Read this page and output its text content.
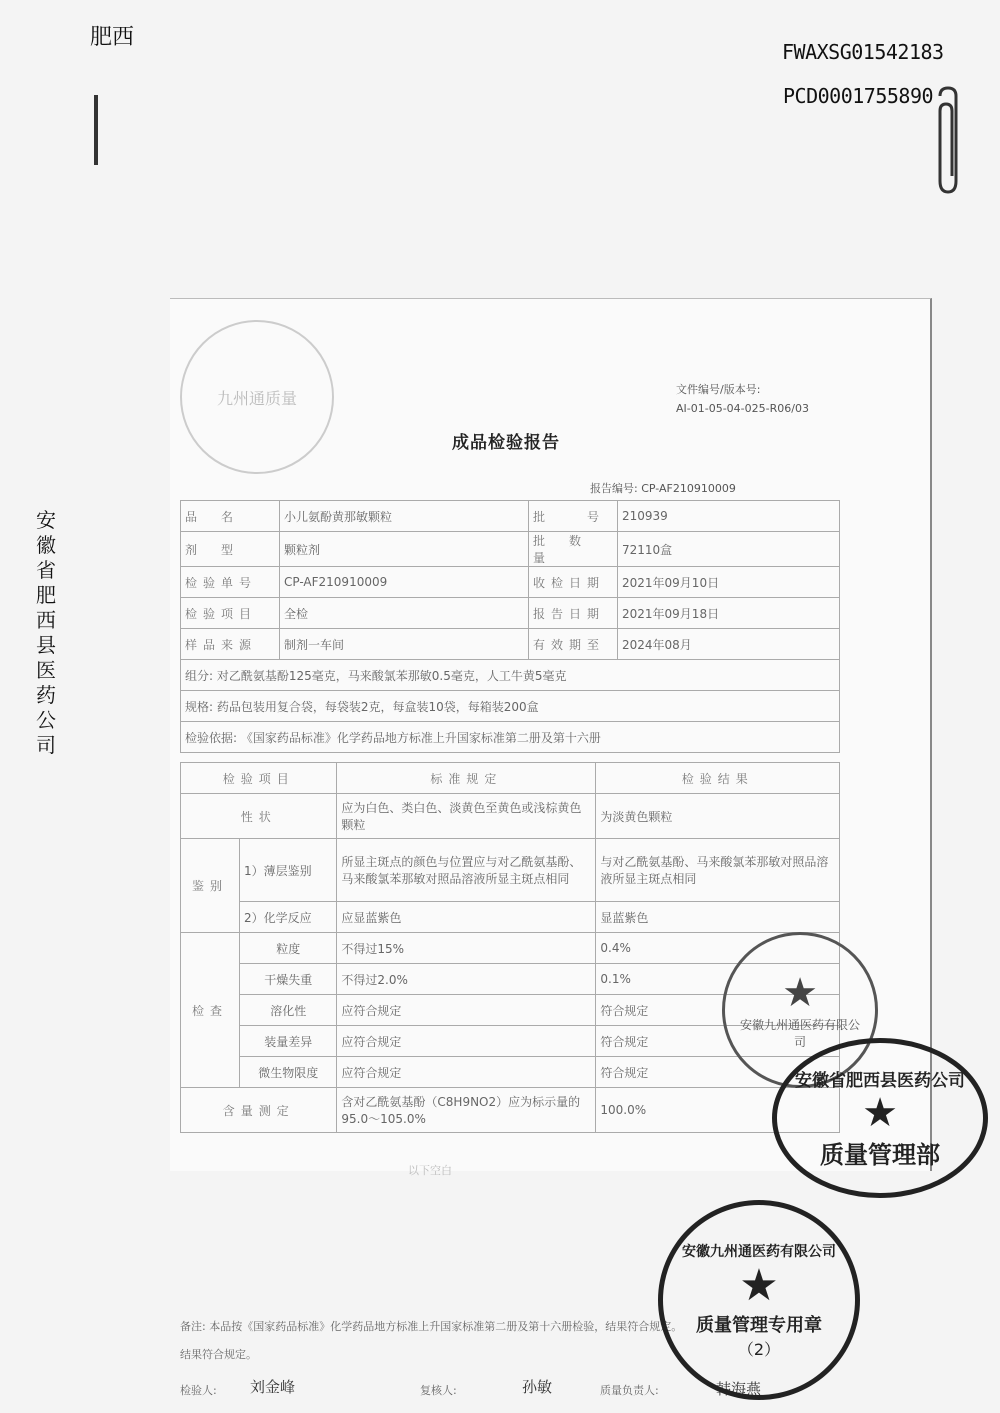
肥西
FWAXSG01542183
PCD0001755890
安徽省肥西县医药公司
九州通质量	文件编号/版本号:
AI-01-05-04-025-R06/03
成品检验报告
报告编号: CP-AF210910009
品　名	小儿氨酚黄那敏颗粒	批　　号	210939
剂　型	颗粒剂	批　数　量	72110盒
检验单号	CP-AF210910009	收检日期	2021年09月10日
检验项目	全检	报告日期	2021年09月18日
样品来源	制剂一车间	有效期至	2024年08月
组分: 对乙酰氨基酚125毫克，马来酸氯苯那敏0.5毫克，人工牛黄5毫克			
规格: 药品包装用复合袋，每袋装2克，每盒装10袋，每箱装200盒			
检验依据: 《国家药品标准》化学药品地方标准上升国家标准第二册及第十六册			
检验项目		标准规定	检验结果
性状		应为白色、类白色、淡黄色至黄色或浅棕黄色颗粒	为淡黄色颗粒
鉴别	1）薄层鉴别	所显主斑点的颜色与位置应与对乙酰氨基酚、马来酸氯苯那敏对照品溶液所显主斑点相同	与对乙酰氨基酚、马来酸氯苯那敏对照品溶液所显主斑点相同
	2）化学反应	应显蓝紫色	显蓝紫色
检查	粒度	不得过15%	0.4%
	干燥失重	不得过2.0%	0.1%
	溶化性	应符合规定	符合规定
	装量差异	应符合规定	符合规定
	微生物限度	应符合规定	符合规定
含量测定		含对乙酰氨基酚（C8H9NO2）应为标示量的95.0～105.0%	100.0%
以下空白
备注: 本品按《国家药品标准》化学药品地方标准上升国家标准第二册及第十六册检验，结果符合规定。
结果符合规定。
检验人: 刘金峰	复核人:	孙敏	质量负责人:	韩海燕
★
安徽九州通医药有限公司
安徽省肥西县医药公司
★
质量管理部
安徽九州通医药有限公司
★
质量管理专用章
（2）
